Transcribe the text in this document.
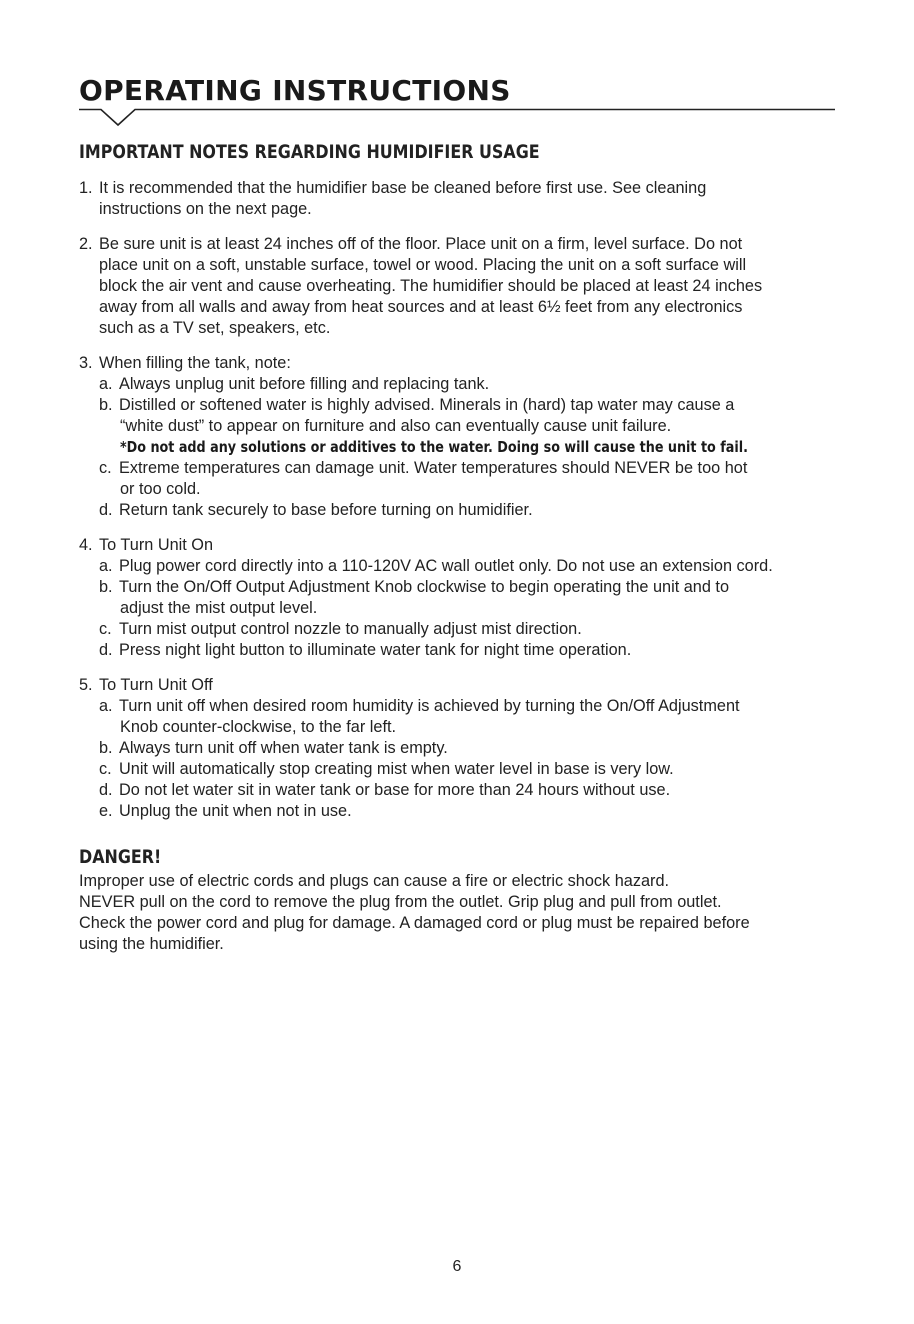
OPERATING INSTRUCTIONS
IMPORTANT NOTES REGARDING HUMIDIFIER USAGE
1. It is recommended that the humidifier base be cleaned before first use. See cleaning
instructions on the next page.
2. Be sure unit is at least 24 inches off of the floor. Place unit on a firm, level surface. Do not
place unit on a soft, unstable surface, towel or wood. Placing the unit on a soft surface will
block the air vent and cause overheating. The humidifier should be placed at least 24 inches
away from all walls and away from heat sources and at least 6½ feet from any electronics
such as a TV set, speakers, etc.
3. When filling the tank, note:
a. Always unplug unit before filling and replacing tank.
b. Distilled or softened water is highly advised. Minerals in (hard) tap water may cause a
“white dust” to appear on furniture and also can eventually cause unit failure.
*Do not add any solutions or additives to the water. Doing so will cause the unit to fail.
c. Extreme temperatures can damage unit. Water temperatures should NEVER be too hot
or too cold.
d. Return tank securely to base before turning on humidifier.
4. To Turn Unit On
a. Plug power cord directly into a 110-120V AC wall outlet only. Do not use an extension cord.
b. Turn the On/Off Output Adjustment Knob clockwise to begin operating the unit and to
adjust the mist output level.
c. Turn mist output control nozzle to manually adjust mist direction.
d. Press night light button to illuminate water tank for night time operation.
5. To Turn Unit Off
a. Turn unit off when desired room humidity is achieved by turning the On/Off Adjustment
Knob counter-clockwise, to the far left.
b. Always turn unit off when water tank is empty.
c. Unit will automatically stop creating mist when water level in base is very low.
d. Do not let water sit in water tank or base for more than 24 hours without use.
e. Unplug the unit when not in use.
DANGER!
Improper use of electric cords and plugs can cause a fire or electric shock hazard.
NEVER pull on the cord to remove the plug from the outlet. Grip plug and pull from outlet.
Check the power cord and plug for damage. A damaged cord or plug must be repaired before
using the humidifier.
6
